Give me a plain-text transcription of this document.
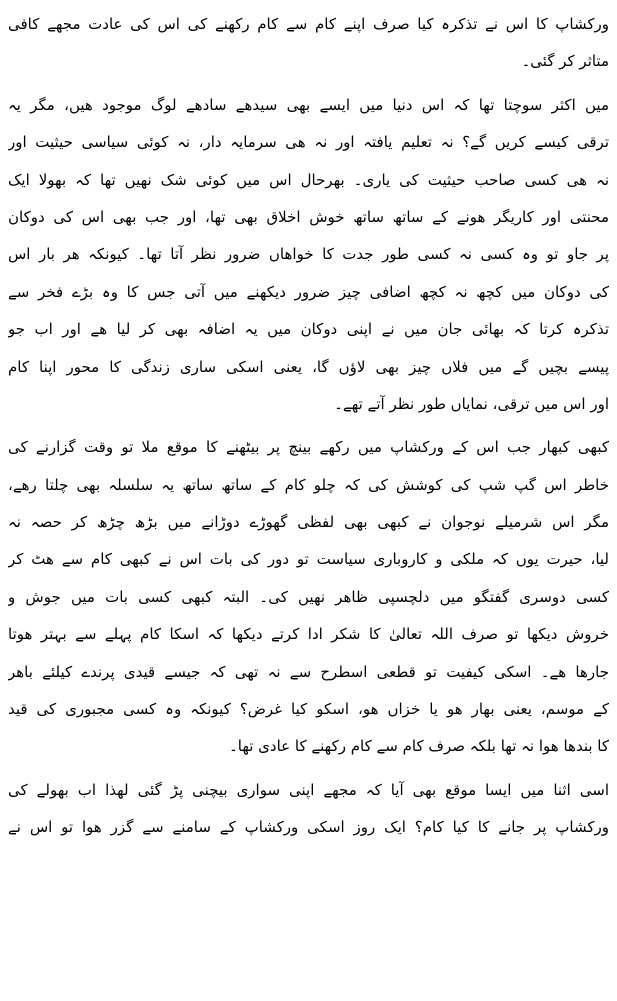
ورکشاپ کا اس نے تذکرہ کیا صرف اپنے کام سے کام رکھنے کی اس کی عادت مجھے کافی
متاثر کر گئی۔
میں اکثر سوچتا تھا کہ اس دنیا میں ایسے بھی سیدھے سادھے لوگ موجود ھیں، مگر یہ
ترقی کیسے کریں گے؟ نہ تعلیم یافتہ اور نہ ھی سرمایہ دار، نہ کوئی سیاسی حیثیت اور
نہ ھی کسی صاحب حیثیت کی یاری۔ بھرحال اس میں کوئی شک نھیں تھا کہ بھولا ایک
محنتی اور کاریگر ھونے کے ساتھ ساتھ خوش اخلاق بھی تھا، اور جب بھی اس کی دوکان
پر جاو تو وہ کسی نہ کسی طور جدت کا خواھاں ضرور نظر آتا تھا۔ کیونکہ ھر بار اس
کی دوکان میں کچھ نہ کچھ اضافی چیز ضرور دیکھنے میں آتی جس کا وہ بڑے فخر سے
تذکرہ کرتا کہ بھائی جان میں نے اپنی دوکان میں یہ اضافہ بھی کر لیا ھے اور اب جو
پیسے بچیں گے میں فلاں چیز بھی لاؤں گا، یعنی اسکی ساری زندگی کا محور اپنا کام
اور اس میں ترقی، نمایاں طور نظر آتے تھے۔
کبھی کبھار جب اس کے ورکشاپ میں رکھے بینچ پر بیٹھنے کا موقع ملا تو وقت گزارنے کی
خاطر اس گپ شپ کی کوشش کی کہ چلو کام کے ساتھ ساتھ یہ سلسلہ بھی چلتا رھے،
مگر اس شرمیلے نوجوان نے کبھی بھی لفظی گھوڑے دوڑانے میں بڑھ چڑھ کر حصہ نہ
لیا، حیرت یوں کہ ملکی و کاروباری سیاست تو دور کی بات اس نے کبھی کام سے ھٹ کر
کسی دوسری گفتگو میں دلچسپی ظاھر نھیں کی۔ البتہ کبھی کسی بات میں جوش و
خروش دیکھا تو صرف اللہ تعالیٰ کا شکر ادا کرتے دیکھا کہ اسکا کام پہلے سے بہتر ھوتا
جارھا ھے۔ اسکی کیفیت تو قطعی اسطرح سے نہ تھی کہ جیسے قیدی پرندے کیلئے باھر
کے موسم، یعنی بھار ھو یا خزاں ھو، اسکو کیا غرض؟ کیونکہ وہ کسی مجبوری کی قید
کا بندھا ھوا نہ تھا بلکہ صرف کام سے کام رکھنے کا عادی تھا۔
اسی اثنا میں ایسا موقع بھی آیا کہ مجھے اپنی سواری بیچنی پڑ گئی لھذا اب بھولے کی
ورکشاپ پر جانے کا کیا کام؟ ایک روز اسکی ورکشاپ کے سامنے سے گزر ھوا تو اس نے
